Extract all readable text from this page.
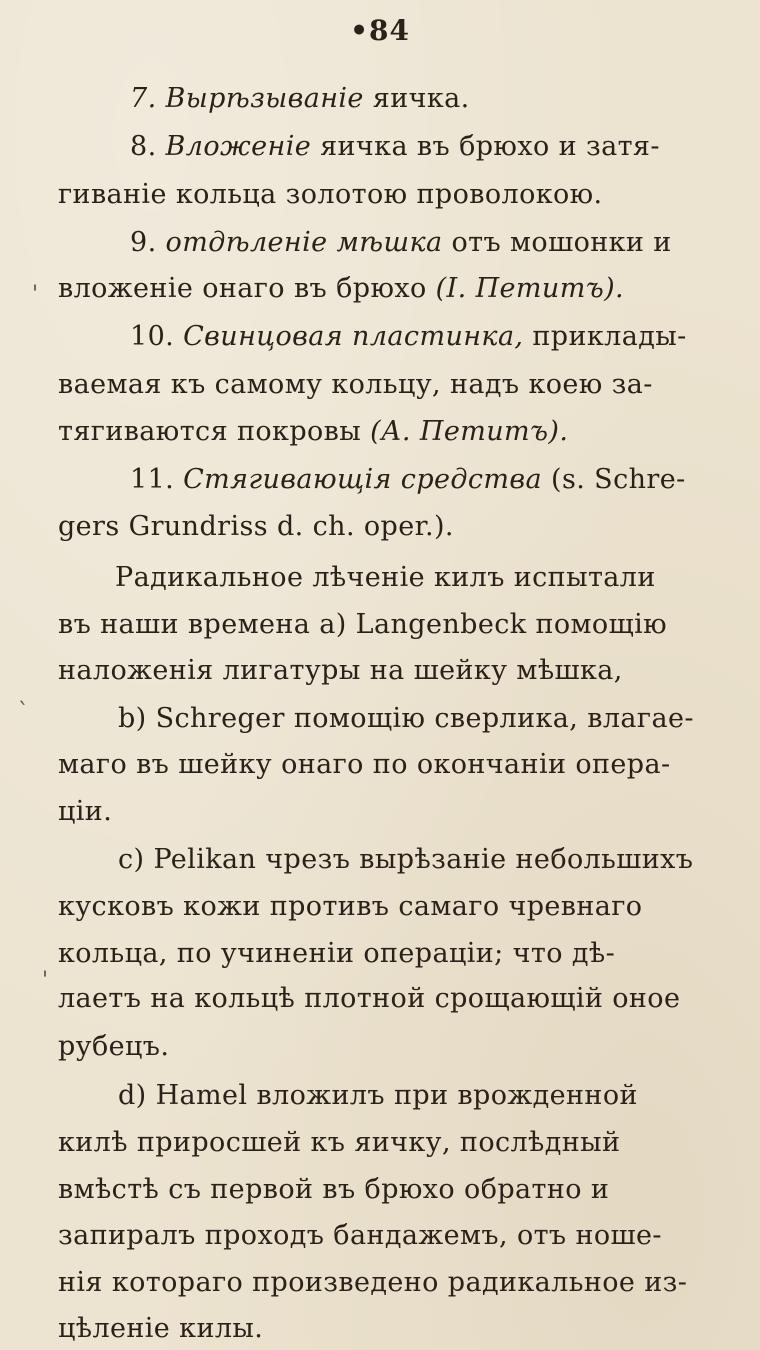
•84
7. Вырѣзываніе яичка.
8. Вложеніе яичка въ брюхо и затя-
гиваніе кольца золотою проволокою.
9. отдѣленіе мѣшка отъ мошонки и
вложеніе онаго въ брюхо (I. Петитъ).
10. Свинцовая пластинка, приклады-
ваемая къ самому кольцу, надъ коею за-
тягиваются покровы (А. Петитъ).
11. Стягивающія средства (s. Schre-
gers Grundriss d. ch. oper.).
Радикальное лѣченіе килъ испытали
въ наши времена a) Langenbeck помощію
наложенія лигатуры на шейку мѣшка,
b) Schreger помощію сверлика, влагае-
маго въ шейку онаго по окончаніи опера-
ціи.
c) Pelikan чрезъ вырѣзаніе небольшихъ
кусковъ кожи противъ самаго чревнаго
кольца, по учиненіи операціи; что дѣ-
лаетъ на кольцѣ плотной срощающій оное
рубецъ.
d) Hamel вложилъ при врожденной
килѣ приросшей къ яичку, послѣдный
вмѣстѣ съ первой въ брюхо обратно и
запиралъ проходъ бандажемъ, отъ ноше-
нія котораго произведено радикальное из-
цѣленіе килы.
'
`
'
